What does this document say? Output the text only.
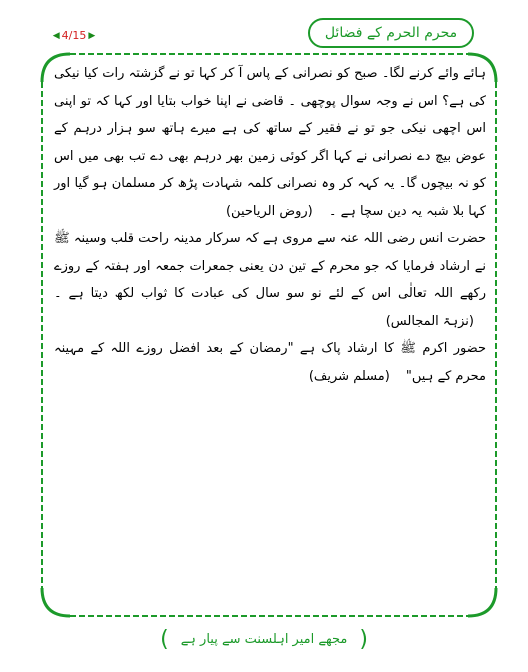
◀ 4/15 ▶	محرم الحرم کے فضائل

ہائے وائے کرنے لگا۔ صبح کو نصرانی کے پاس آ کر کہا تو نے گزشتہ رات کیا نیکی کی ہے؟ اس نے وجہ سوال پوچھی ۔ قاضی نے اپنا خواب بتایا اور کہا کہ تو اپنی اس اچھی نیکی جو تو نے فقیر کے ساتھ کی ہے میرے ہاتھ سو ہزار درہم کے عوض بیچ دے نصرانی نے کہا اگر کوئی زمین بھر درہم بھی دے تب بھی میں اس کو نہ بیچوں گا۔ یہ کہہ کر وہ نصرانی کلمہ شہادت پڑھ کر مسلمان ہو گیا اور کہا بلا شبہ یہ دین سچا ہے ۔ (روض الریاحین)

حضرت انس رضی اللہ عنہ سے مروی ہے کہ سرکار مدینہ راحت قلب وسینہ ﷺ نے ارشاد فرمایا کہ جو محرم کے تین دن یعنی جمعرات جمعہ اور ہفتہ کے روزے رکھے اللہ تعالٰی اس کے لئے نو سو سال کی عبادت کا ثواب لکھ دیتا ہے ۔ (نزہۃ المجالس)

حضور اکرم ﷺ کا ارشاد پاک ہے "رمضان کے بعد افضل روزے اللہ کے مہینہ محرم کے ہیں" (مسلم شریف)

(
مجھے امیر اہلسنت سے پیار ہے
)
